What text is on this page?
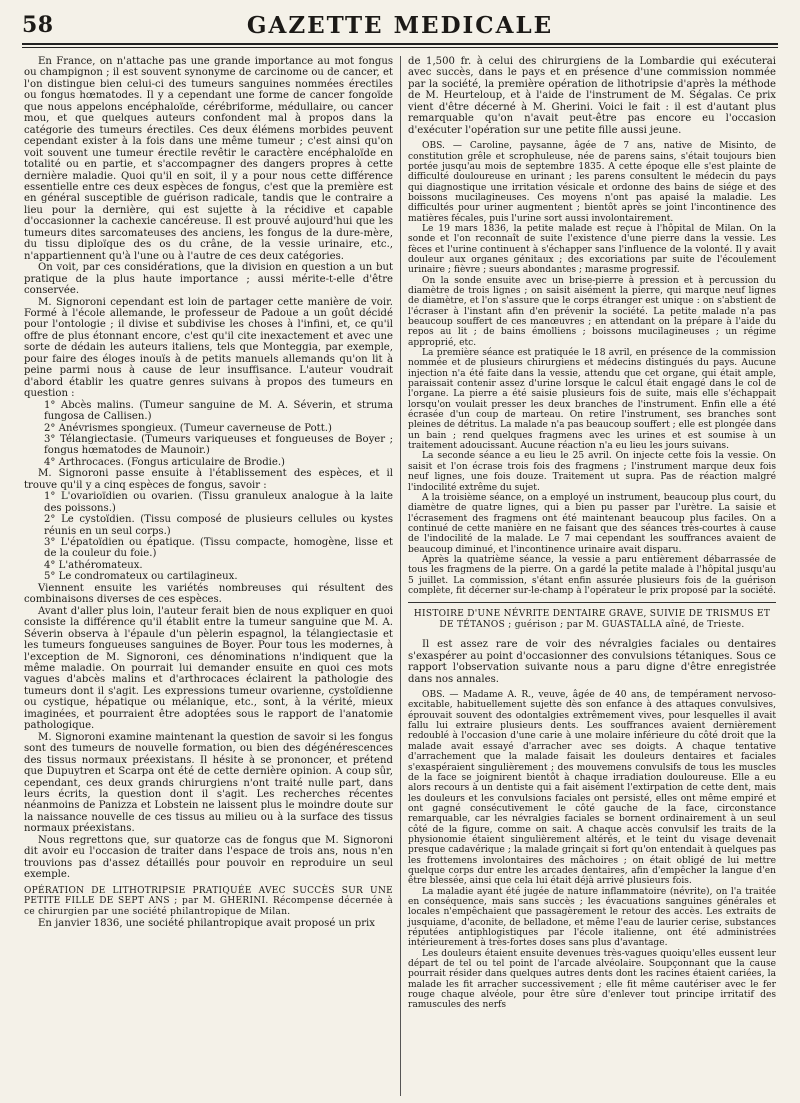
58	GAZETTE MEDICALE

En France, on n'attache pas une grande importance au mot fongus ou champignon ; il est souvent synonyme de carcinome ou de cancer, et l'on distingue bien celui-ci des tumeurs sanguines nommées érectiles ou fongus hœmatodes. Il y a cependant une forme de cancer fongoïde que nous appelons encéphaloïde, cérébriforme, médullaire, ou cancer mou, et que quelques auteurs confondent mal à propos dans la catégorie des tumeurs érectiles. Ces deux élémens morbides peuvent cependant exister à la fois dans une même tumeur ; c'est ainsi qu'on voit souvent une tumeur érectile revêtir le caractère encéphaloïde en totalité ou en partie, et s'accompagner des dangers propres à cette dernière maladie. Quoi qu'il en soit, il y a pour nous cette différence essentielle entre ces deux espèces de fongus, c'est que la première est en général susceptible de guérison radicale, tandis que le contraire a lieu pour la dernière, qui est sujette à la récidive et capable d'occasionner la cachexie cancéreuse. Il est prouvé aujourd'hui que les tumeurs dites sarcomateuses des anciens, les fongus de la dure-mère, du tissu diploïque des os du crâne, de la vessie urinaire, etc., n'appartiennent qu'à l'une ou à l'autre de ces deux catégories.

On voit, par ces considérations, que la division en question a un but pratique de la plus haute importance ; aussi mérite-t-elle d'être conservée.

M. Signoroni cependant est loin de partager cette manière de voir. Formé à l'école allemande, le professeur de Padoue a un goût décidé pour l'ontologie ; il divise et subdivise les choses à l'infini, et, ce qu'il offre de plus étonnant encore, c'est qu'il cite inexactement et avec une sorte de dédain les auteurs italiens, tels que Monteggia, par exemple, pour faire des éloges inouïs à de petits manuels allemands qu'on lit à peine parmi nous à cause de leur insuffisance. L'auteur voudrait d'abord établir les quatre genres suivans à propos des tumeurs en question :

1° Abcès malins. (Tumeur sanguine de M. A. Séverin, et struma fungosa de Callisen.)

2° Anévrismes spongieux. (Tumeur caverneuse de Pott.)

3° Télangiectasie. (Tumeurs variqueuses et fongueuses de Boyer ; fongus hœmatodes de Maunoir.)

4° Arthrocaces. (Fongus articulaire de Brodie.)

M. Signoroni passe ensuite à l'établissement des espèces, et il trouve qu'il y a cinq espèces de fongus, savoir :

1° L'ovarioïdien ou ovarien. (Tissu granuleux analogue à la laite des poissons.)

2° Le cystoïdien. (Tissu composé de plusieurs cellules ou kystes réunis en un seul corps.)

3° L'épatoïdien ou épatique. (Tissu compacte, homogène, lisse et de la couleur du foie.)

4° L'athéromateux.

5° Le condromateux ou cartilagineux.

Viennent ensuite les variétés nombreuses qui résultent des combinaisons diverses de ces espèces.

Avant d'aller plus loin, l'auteur ferait bien de nous expliquer en quoi consiste la différence qu'il établit entre la tumeur sanguine que M. A. Séverin observa à l'épaule d'un pèlerin espagnol, la télangiectasie et les tumeurs fongueuses sanguines de Boyer. Pour tous les modernes, à l'exception de M. Signoroni, ces dénominations n'indiquent que la même maladie. On pourrait lui demander ensuite en quoi ces mots vagues d'abcès malins et d'arthrocaces éclairent la pathologie des tumeurs dont il s'agit. Les expressions tumeur ovarienne, cystoïdienne ou cystique, hépatique ou mélanique, etc., sont, à la vérité, mieux imaginées, et pourraient être adoptées sous le rapport de l'anatomie pathologique.

M. Signoroni examine maintenant la question de savoir si les fongus sont des tumeurs de nouvelle formation, ou bien des dégénérescences des tissus normaux préexistans. Il hésite à se prononcer, et prétend que Dupuytren et Scarpa ont été de cette dernière opinion. A coup sûr, cependant, ces deux grands chirurgiens n'ont traité nulle part, dans leurs écrits, la question dont il s'agit. Les recherches récentes néanmoins de Panizza et Lobstein ne laissent plus le moindre doute sur la naissance nouvelle de ces tissus au milieu ou à la surface des tissus normaux préexistans.

Nous regrettons que, sur quatorze cas de fongus que M. Signoroni dit avoir eu l'occasion de traiter dans l'espace de trois ans, nous n'en trouvions pas d'assez détaillés pour pouvoir en reproduire un seul exemple.

OPÉRATION DE LITHOTRIPSIE PRATIQUÉE AVEC SUCCÈS SUR UNE PETITE FILLE DE SEPT ANS ; par M. GHERINI. Récompense décernée à ce chirurgien par une société philantropique de Milan.

En janvier 1836, une société philantropique avait proposé un prix

de 1,500 fr. à celui des chirurgiens de la Lombardie qui exécuterai avec succès, dans le pays et en présence d'une commission nommée par la société, la première opération de lithotripsie d'après la méthode de M. Heurteloup, et à l'aide de l'instrument de M. Ségalas. Ce prix vient d'être décerné à M. Gherini. Voici le fait : il est d'autant plus remarquable qu'on n'avait peut-être pas encore eu l'occasion d'exécuter l'opération sur une petite fille aussi jeune.

OBS. — Caroline, paysanne, âgée de 7 ans, native de Misinto, de constitution grêle et scrophuleuse, née de parens sains, s'était toujours bien portée jusqu'au mois de septembre 1835. A cette époque elle s'est plainte de difficulté douloureuse en urinant ; les parens consultent le médecin du pays qui diagnostique une irritation vésicale et ordonne des bains de siége et des boissons mucilagineuses. Ces moyens n'ont pas apaisé la maladie. Les difficultés pour uriner augmentent ; bientôt après se joint l'incontinence des matières fécales, puis l'urine sort aussi involontairement.

Le 19 mars 1836, la petite malade est reçue à l'hôpital de Milan. On la sonde et l'on reconnaît de suite l'existence d'une pierre dans la vessie. Les fèces et l'urine continuent à s'échapper sans l'influence de la volonté. Il y avait douleur aux organes génitaux ; des excoriations par suite de l'écoulement urinaire ; fièvre ; sueurs abondantes ; marasme progressif.

On la sonde ensuite avec un brise-pierre à pression et à percussion du diamètre de trois lignes ; on saisit aisément la pierre, qui marque neuf lignes de diamètre, et l'on s'assure que le corps étranger est unique : on s'abstient de l'écraser à l'instant afin d'en prévenir la société. La petite malade n'a pas beaucoup souffert de ces manœuvres ; en attendant on la prépare à l'aide du repos au lit ; de bains émolliens ; boissons mucilagineuses ; un régime approprié, etc.

La première séance est pratiquée le 18 avril, en présence de la commission nommée et de plusieurs chirurgiens et médecins distingués du pays. Aucune injection n'a été faite dans la vessie, attendu que cet organe, qui était ample, paraissait contenir assez d'urine lorsque le calcul était engagé dans le col de l'organe. La pierre a été saisie plusieurs fois de suite, mais elle s'échappait lorsqu'on voulait presser les deux branches de l'instrument. Enfin elle a été écrasée d'un coup de marteau. On retire l'instrument, ses branches sont pleines de détritus. La malade n'a pas beaucoup souffert ; elle est plongée dans un bain ; rend quelques fragmens avec les urines et est soumise à un traitement adoucissant. Aucune réaction n'a eu lieu les jours suivans.

La seconde séance a eu lieu le 25 avril. On injecte cette fois la vessie. On saisit et l'on écrase trois fois des fragmens ; l'instrument marque deux fois neuf lignes, une fois douze. Traitement ut supra. Pas de réaction malgré l'indocilité extrême du sujet.

A la troisième séance, on a employé un instrument, beaucoup plus court, du diamètre de quatre lignes, qui a bien pu passer par l'urètre. La saisie et l'écrasement des fragmens ont été maintenant beaucoup plus faciles. On a continué de cette manière en ne faisant que des séances très-courtes à cause de l'indocilité de la malade. Le 7 mai cependant les souffrances avaient de beaucoup diminué, et l'incontinence urinaire avait disparu.

Après la quatrième séance, la vessie a paru entièrement débarrassée de tous les fragmens de la pierre. On a gardé la petite malade à l'hôpital jusqu'au 5 juillet. La commission, s'étant enfin assurée plusieurs fois de la guérison complète, fit décerner sur-le-champ à l'opérateur le prix proposé par la société.

HISTOIRE D'UNE NÉVRITE DENTAIRE GRAVE, SUIVIE DE TRISMUS ET DE TÉTANOS ; guérison ; par M. GUASTALLA aîné, de Trieste.

Il est assez rare de voir des névralgies faciales ou dentaires s'exaspérer au point d'occasionner des convulsions tétaniques. Sous ce rapport l'observation suivante nous a paru digne d'être enregistrée dans nos annales.

OBS. — Madame A. R., veuve, âgée de 40 ans, de tempérament nervoso-excitable, habituellement sujette dès son enfance à des attaques convulsives, éprouvait souvent des odontalgies extrêmement vives, pour lesquelles il avait fallu lui extraire plusieurs dents. Les souffrances avaient dernièrement redoublé à l'occasion d'une carie à une molaire inférieure du côté droit que la malade avait essayé d'arracher avec ses doigts. A chaque tentative d'arrachement que la malade faisait les douleurs dentaires et faciales s'exaspéraient singulièrement ; des mouvemens convulsifs de tous les muscles de la face se joignirent bientôt à chaque irradiation douloureuse. Elle a eu alors recours à un dentiste qui a fait aisément l'extirpation de cette dent, mais les douleurs et les convulsions faciales ont persisté, elles ont même empiré et ont gagné consécutivement le côté gauche de la face, circonstance remarquable, car les névralgies faciales se bornent ordinairement à un seul côté de la figure, comme on sait. A chaque accès convulsif les traits de la physionomie étaient singulièrement altérés, et le teint du visage devenait presque cadavérique ; la malade grinçait si fort qu'on entendait à quelques pas les frottemens involontaires des mâchoires ; on était obligé de lui mettre quelque corps dur entre les arcades dentaires, afin d'empêcher la langue d'en être blessée, ainsi que cela lui était déjà arrivé plusieurs fois.

La maladie ayant été jugée de nature inflammatoire (névrite), on l'a traitée en conséquence, mais sans succès ; les évacuations sanguines générales et locales n'empêchaient que passagèrement le retour des accès. Les extraits de jusquiame, d'aconite, de belladone, et même l'eau de laurier cerise, substances réputées antiphlogistiques par l'école italienne, ont été administrées intérieurement à très-fortes doses sans plus d'avantage.

Les douleurs étaient ensuite devenues très-vagues quoiqu'elles eussent leur départ de tel ou tel point de l'arcade alvéolaire. Soupçonnant que la cause pourrait résider dans quelques autres dents dont les racines étaient cariées, la malade les fit arracher successivement ; elle fit même cautériser avec le fer rouge chaque alvéole, pour être sûre d'enlever tout principe irritatif des ramuscules des nerfs
